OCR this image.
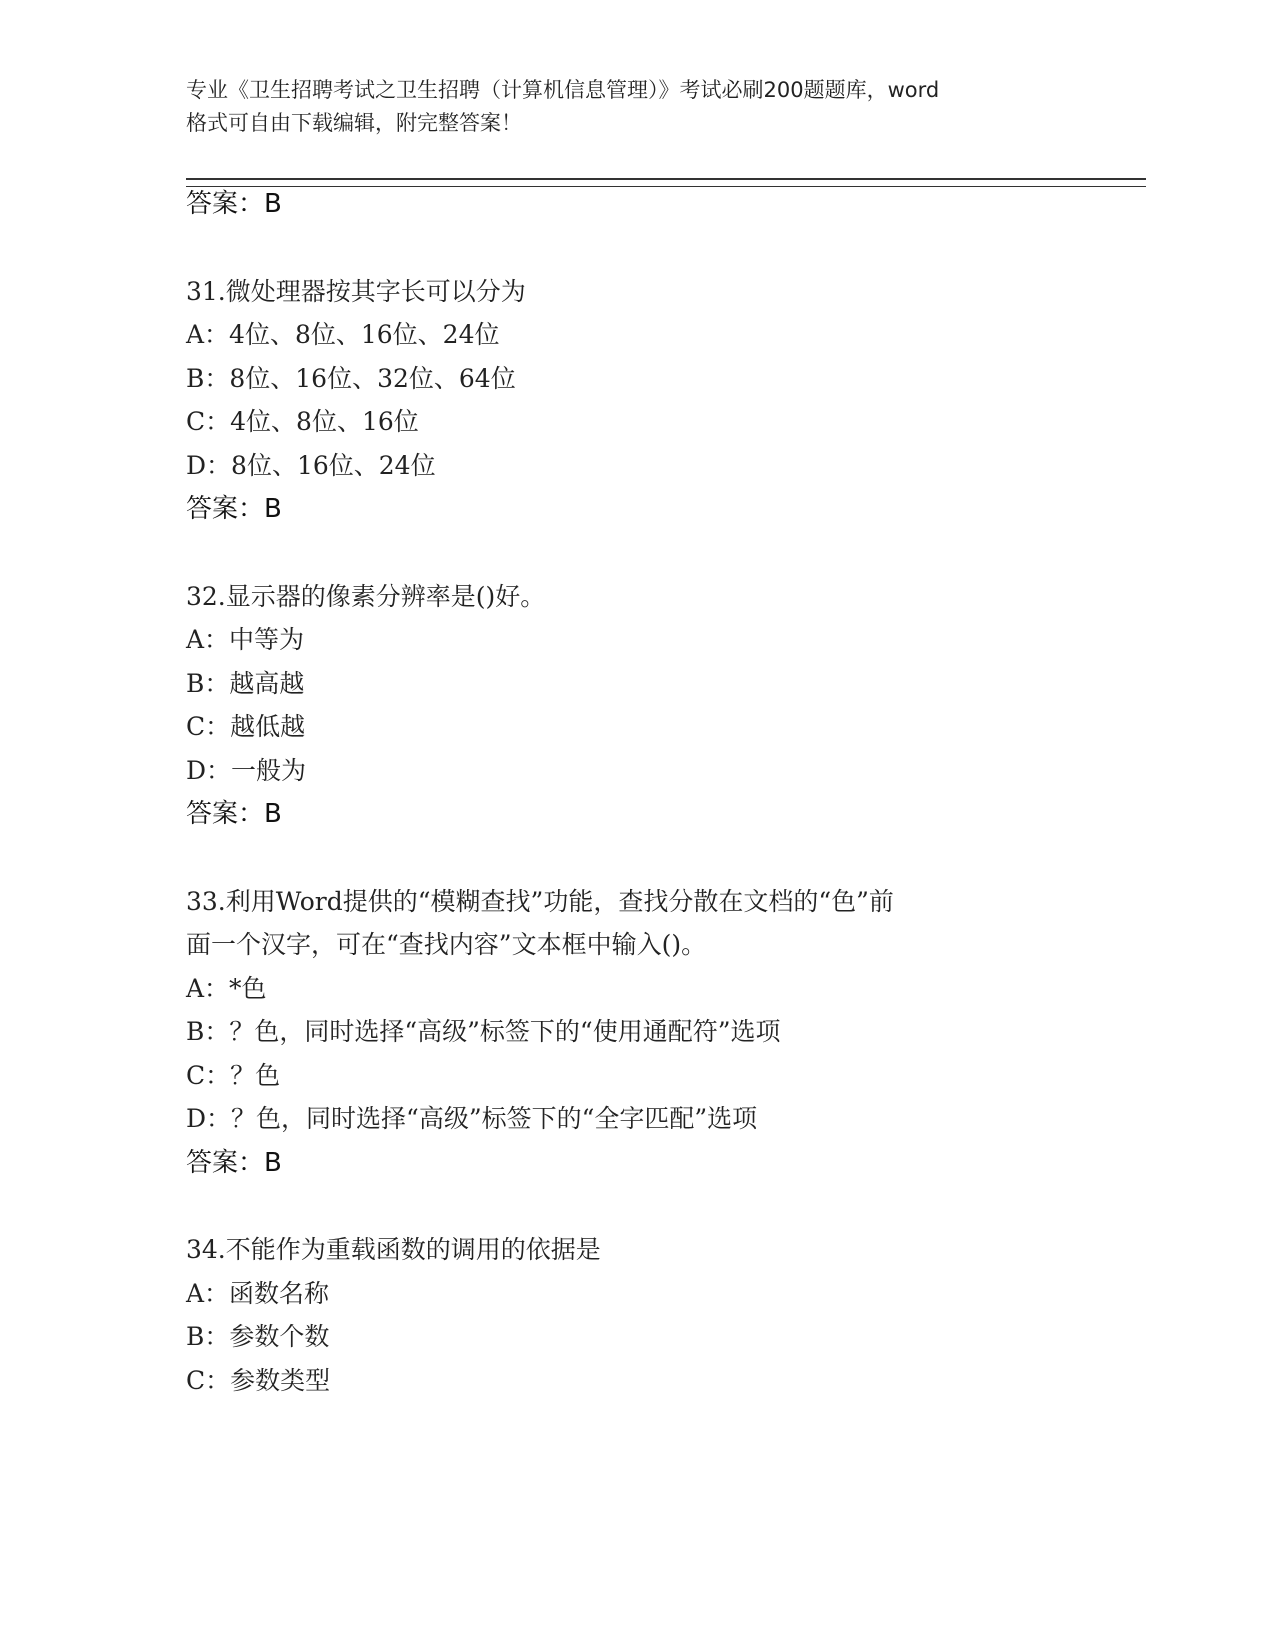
专业《卫生招聘考试之卫生招聘（计算机信息管理）》考试必刷200题题库，word
格式可自由下载编辑，附完整答案！
答案：B
31.微处理器按其字长可以分为
A：4位、8位、16位、24位
B：8位、16位、32位、64位
C：4位、8位、16位
D：8位、16位、24位
答案：B
32.显示器的像素分辨率是()好。
A：中等为
B：越高越
C：越低越
D：一般为
答案：B
33.利用Word提供的“模糊查找”功能，查找分散在文档的“色”前
面一个汉字，可在“查找内容”文本框中输入()。
A：*色
B：？色，同时选择“高级”标签下的“使用通配符”选项
C：？色
D：？色，同时选择“高级”标签下的“全字匹配”选项
答案：B
34.不能作为重载函数的调用的依据是
A：函数名称
B：参数个数
C：参数类型
